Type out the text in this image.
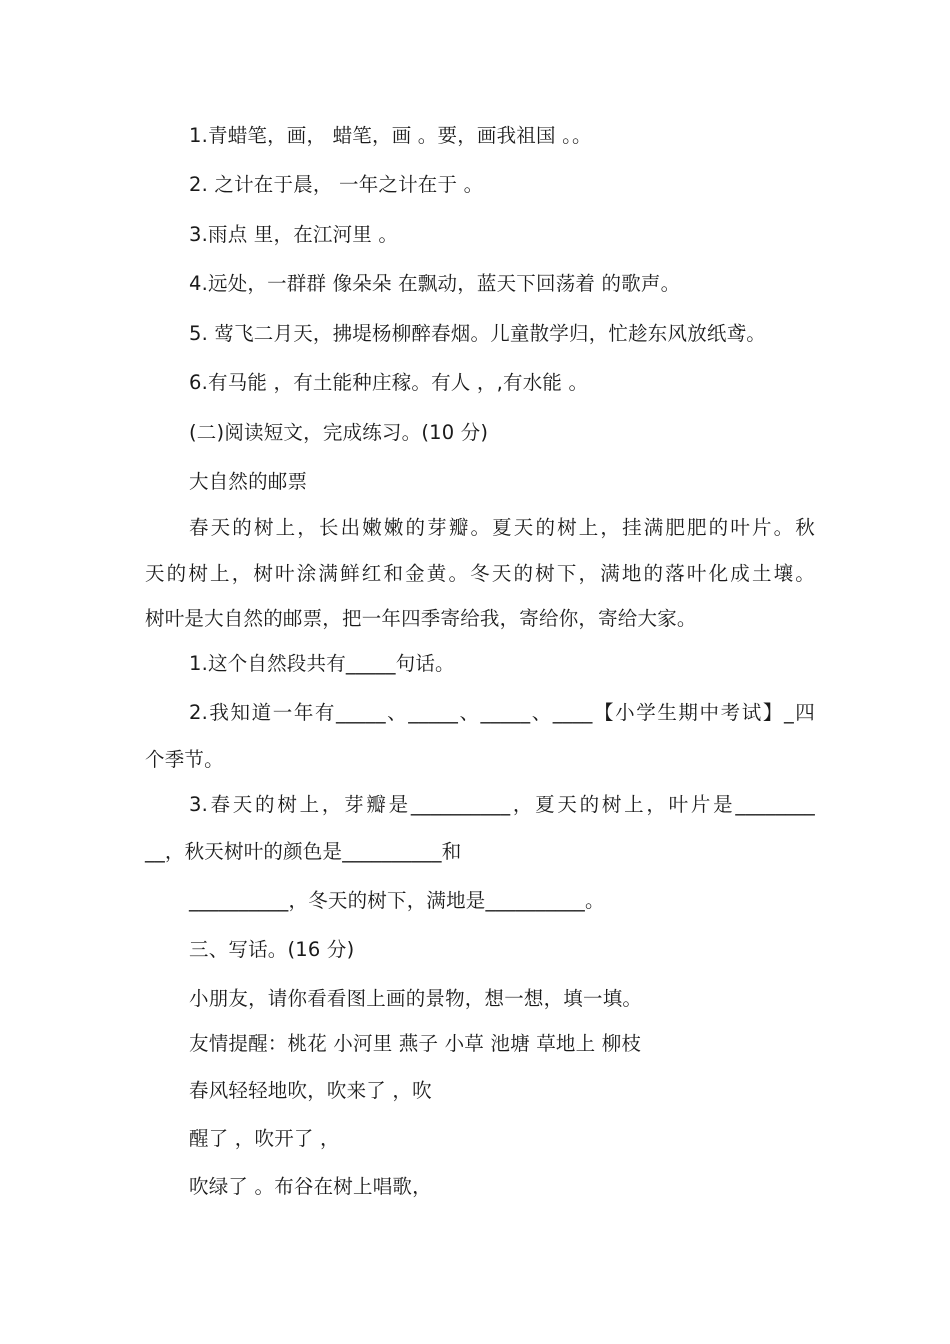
1.青蜡笔，画， 蜡笔，画 。要，画我祖国 。。
2. 之计在于晨， 一年之计在于 。
3.雨点 里，在江河里 。
4.远处，一群群 像朵朵 在飘动，蓝天下回荡着 的歌声。
5. 莺飞二月天，拂堤杨柳醉春烟。儿童散学归，忙趁东风放纸鸢。
6.有马能 ，有土能种庄稼。有人 ，,有水能 。
(二)阅读短文，完成练习。(10 分)
大自然的邮票
春天的树上，长出嫩嫩的芽瓣。夏天的树上，挂满肥肥的叶片。秋
天的树上，树叶涂满鲜红和金黄。冬天的树下，满地的落叶化成土壤。
树叶是大自然的邮票，把一年四季寄给我，寄给你，寄给大家。
1.这个自然段共有_____句话。
2.我知道一年有_____、_____、_____、____【小学生期中考试】_四
个季节。
3.春天的树上，芽瓣是__________，夏天的树上，叶片是________
__，秋天树叶的颜色是__________和
__________，冬天的树下，满地是__________。
三、写话。(16 分)
小朋友，请你看看图上画的景物，想一想，填一填。
友情提醒：桃花 小河里 燕子 小草 池塘 草地上 柳枝
春风轻轻地吹，吹来了 ，吹
醒了 ，吹开了 ，
吹绿了 。布谷在树上唱歌，
